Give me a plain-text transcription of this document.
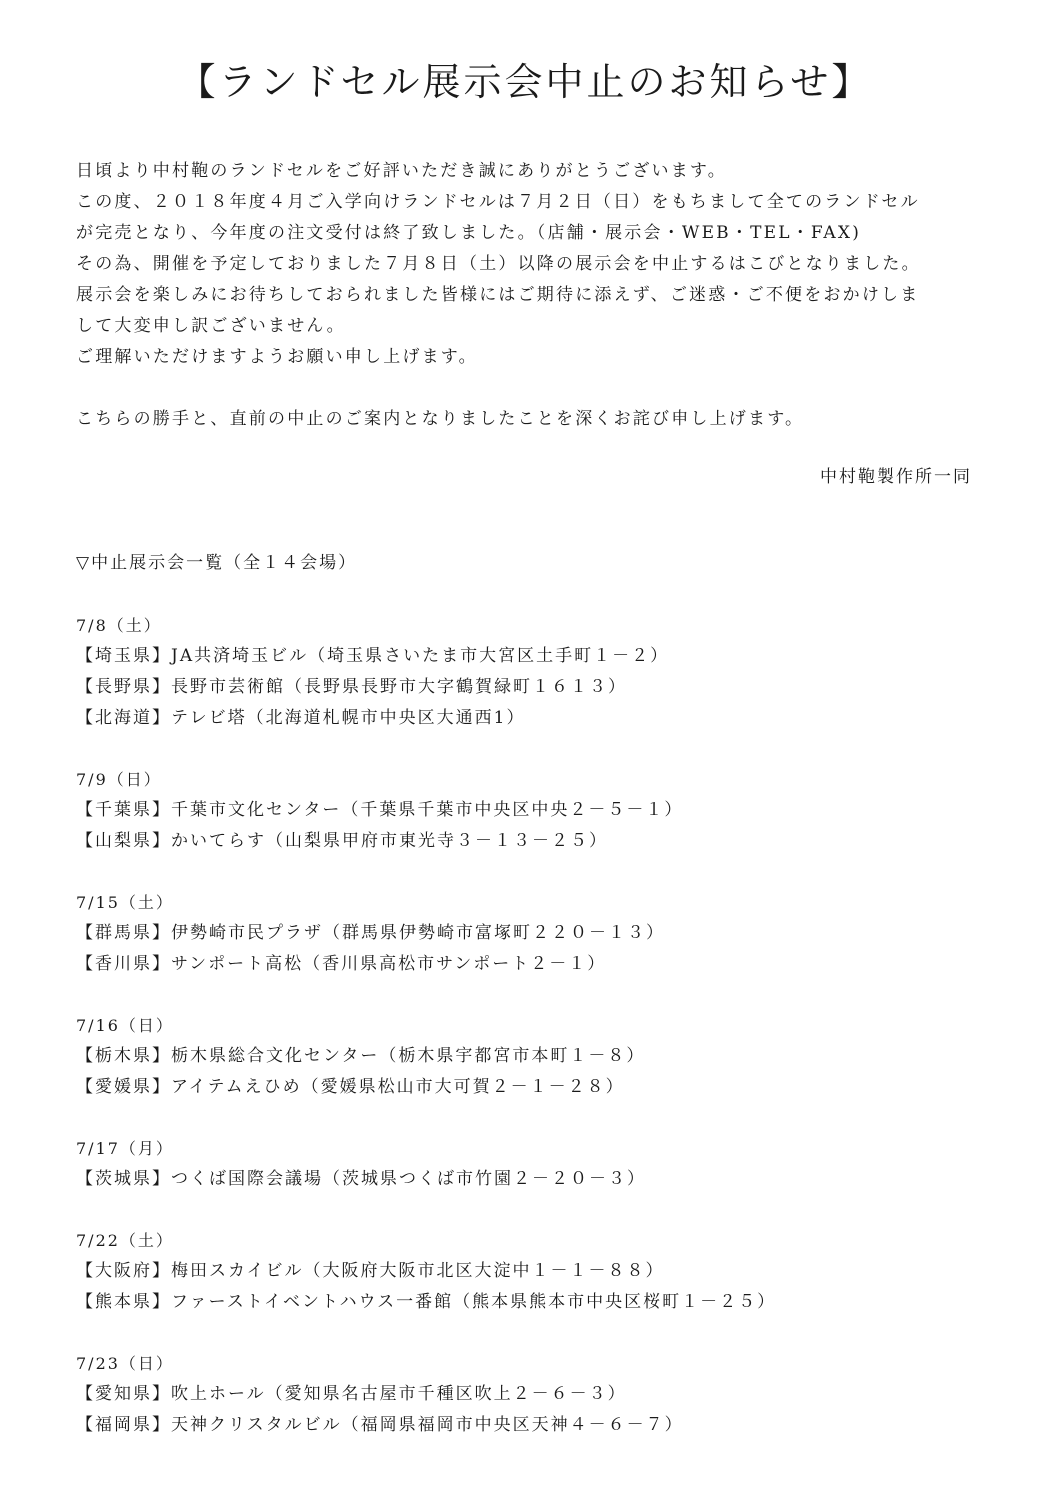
【ランドセル展示会中止のお知らせ】
日頃より中村鞄のランドセルをご好評いただき誠にありがとうございます。
この度、２０１８年度４月ご入学向けランドセルは７月２日（日）をもちまして全てのランドセル
が完売となり、今年度の注文受付は終了致しました。（店舗・展示会・WEB・TEL・FAX)
その為、開催を予定しておりました７月８日（土）以降の展示会を中止するはこびとなりました。
展示会を楽しみにお待ちしておられました皆様にはご期待に添えず、ご迷惑・ご不便をおかけしま
して大変申し訳ございません。
ご理解いただけますようお願い申し上げます。
こちらの勝手と、直前の中止のご案内となりましたことを深くお詫び申し上げます。
中村鞄製作所一同
▽中止展示会一覧（全１４会場）
7/8（土）
【埼玉県】JA共済埼玉ビル（埼玉県さいたま市大宮区土手町１－２）
【長野県】長野市芸術館（長野県長野市大字鶴賀緑町１６１３）
【北海道】テレビ塔（北海道札幌市中央区大通西1）
7/9（日）
【千葉県】千葉市文化センター（千葉県千葉市中央区中央２－５－１）
【山梨県】かいてらす（山梨県甲府市東光寺３－１３－２５）
7/15（土）
【群馬県】伊勢崎市民プラザ（群馬県伊勢崎市富塚町２２０－１３）
【香川県】サンポート高松（香川県高松市サンポート２－１）
7/16（日）
【栃木県】栃木県総合文化センター（栃木県宇都宮市本町１－８）
【愛媛県】アイテムえひめ（愛媛県松山市大可賀２－１－２８）
7/17（月）
【茨城県】つくば国際会議場（茨城県つくば市竹園２－２０－３）
7/22（土）
【大阪府】梅田スカイビル（大阪府大阪市北区大淀中１－１－８８）
【熊本県】ファーストイベントハウス一番館（熊本県熊本市中央区桜町１－２５）
7/23（日）
【愛知県】吹上ホール（愛知県名古屋市千種区吹上２－６－３）
【福岡県】天神クリスタルビル（福岡県福岡市中央区天神４－６－７）
